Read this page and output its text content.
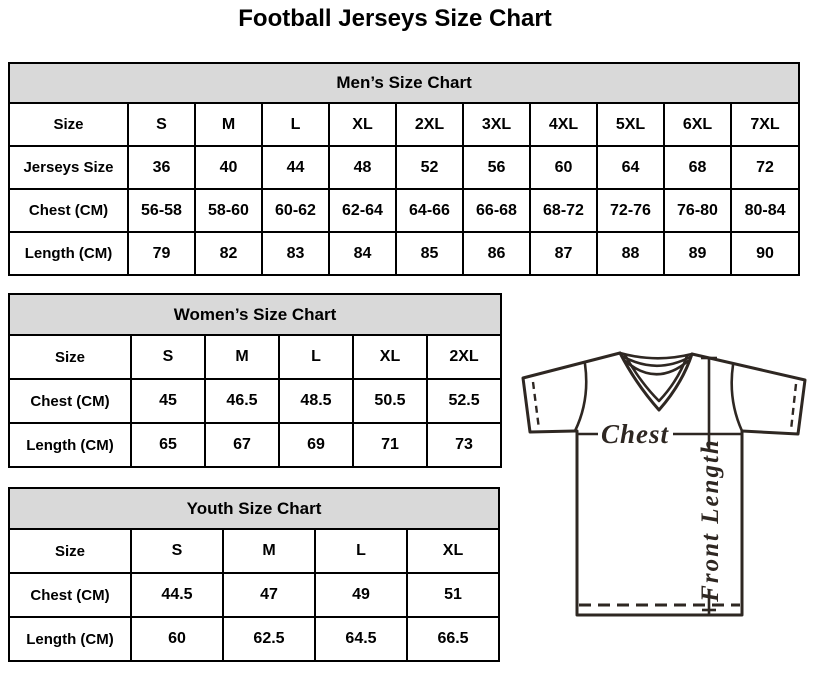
Football Jerseys Size Chart
Men’s Size Chart										
Size	S	M	L	XL	2XL	3XL	4XL	5XL	6XL	7XL
Jerseys Size	36	40	44	48	52	56	60	64	68	72
Chest (CM)	56-58	58-60	60-62	62-64	64-66	66-68	68-72	72-76	76-80	80-84
Length (CM)	79	82	83	84	85	86	87	88	89	90
Women’s Size Chart					
Size	S	M	L	XL	2XL
Chest (CM)	45	46.5	48.5	50.5	52.5
Length (CM)	65	67	69	71	73
Youth Size Chart				
Size	S	M	L	XL
Chest (CM)	44.5	47	49	51
Length (CM)	60	62.5	64.5	66.5
Chest
Front Length
